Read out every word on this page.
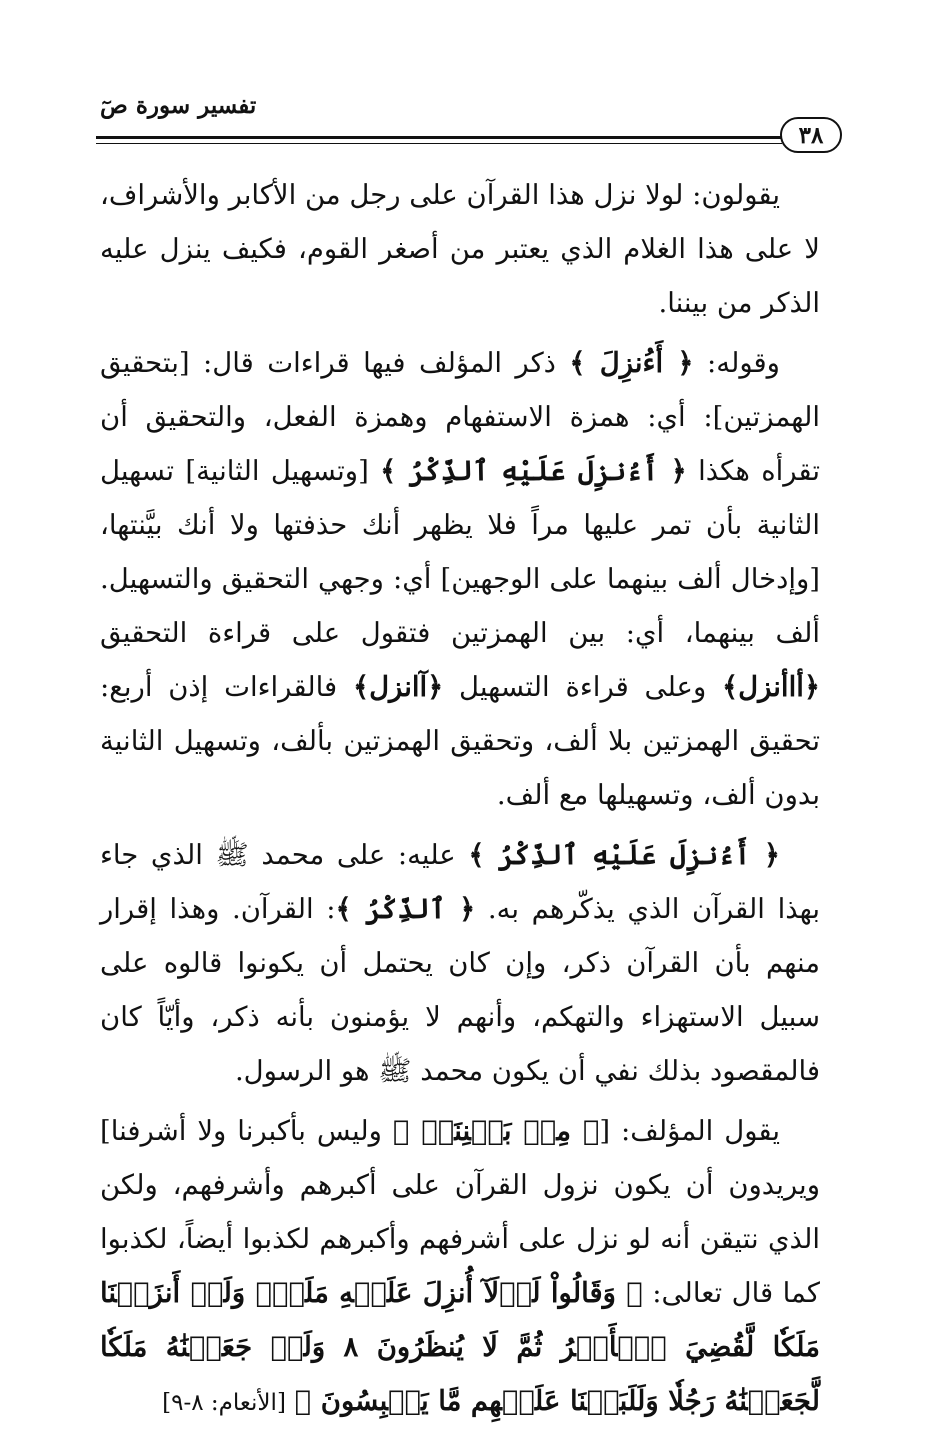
تفسير سورة صٓ
٣٨

يقولون: لولا نزل هذا القرآن على رجل من الأكابر والأشراف، لا على هذا الغلام الذي يعتبر من أصغر القوم، فكيف ينزل عليه الذكر من بيننا.

وقوله: ﴿ أَءُنزِلَ ﴾ ذكر المؤلف فيها قراءات قال: [بتحقيق الهمزتين]: أي: همزة الاستفهام وهمزة الفعل، والتحقيق أن تقرأه هكذا ﴿ أَءُنزِلَ عَلَيْهِ ٱلذِّكْرُ ﴾ [وتسهيل الثانية] تسهيل الثانية بأن تمر عليها مراً فلا يظهر أنك حذفتها ولا أنك بيَّنتها، [وإدخال ألف بينهما على الوجهين] أي: وجهي التحقيق والتسهيل. ألف بينهما، أي: بين الهمزتين فتقول على قراءة التحقيق ﴿أاأنزل﴾ وعلى قراءة التسهيل ﴿آانزل﴾ فالقراءات إذن أربع: تحقيق الهمزتين بلا ألف، وتحقيق الهمزتين بألف، وتسهيل الثانية بدون ألف، وتسهيلها مع ألف.

﴿ أَءُنزِلَ عَلَيْهِ ٱلذِّكْرُ ﴾ عليه: على محمد ﷺ الذي جاء بهذا القرآن الذي يذكّرهم به. ﴿ ٱلذِّكْرُ ﴾: القرآن. وهذا إقرار منهم بأن القرآن ذكر، وإن كان يحتمل أن يكونوا قالوه على سبيل الاستهزاء والتهكم، وأنهم لا يؤمنون بأنه ذكر، وأيّاً كان فالمقصود بذلك نفي أن يكون محمد ﷺ هو الرسول.

يقول المؤلف: [﴿ مِنۢ بَيۡنِنَآۚ ﴾ وليس بأكبرنا ولا أشرفنا] ويريدون أن يكون نزول القرآن على أكبرهم وأشرفهم، ولكن الذي نتيقن أنه لو نزل على أشرفهم وأكبرهم لكذبوا أيضاً، لكذبوا كما قال تعالى: ﴿ وَقَالُواْ لَوۡلَآ أُنزِلَ عَلَيۡهِ مَلَكٞۖ وَلَوۡ أَنزَلۡنَا مَلَكٗا لَّقُضِيَ ٱلۡأَمۡرُ ثُمَّ لَا يُنظَرُونَ ٨ وَلَوۡ جَعَلۡنَٰهُ مَلَكٗا لَّجَعَلۡنَٰهُ رَجُلٗا وَلَلَبَسۡنَا عَلَيۡهِم مَّا يَلۡبِسُونَ ﴾ [الأنعام: ٨-٩]
